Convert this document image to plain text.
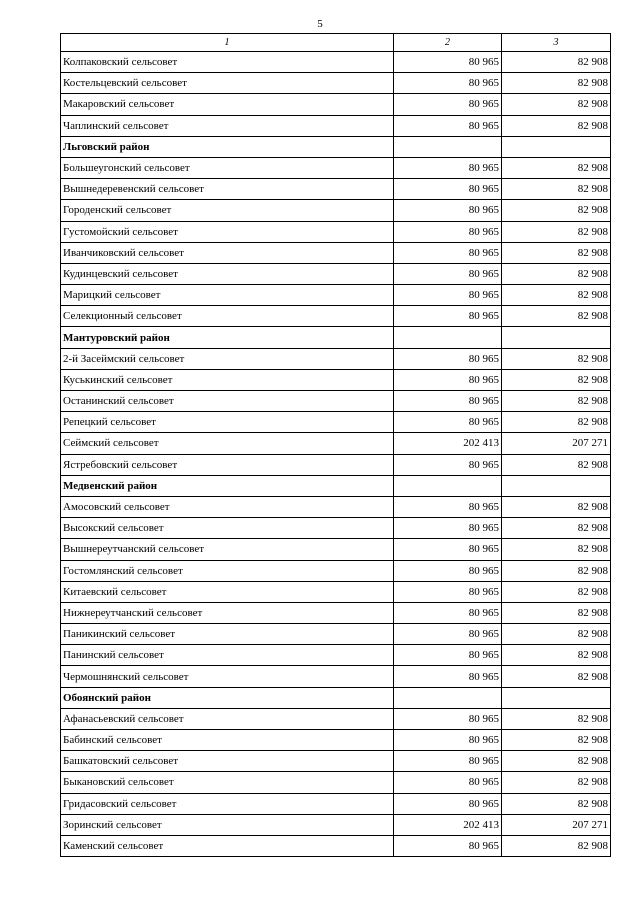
5
1	2	3
Колпаковский сельсовет	80 965	82 908
Костельцевский сельсовет	80 965	82 908
Макаровский сельсовет	80 965	82 908
Чаплинский сельсовет	80 965	82 908
Льговский район		
Большеугонский сельсовет	80 965	82 908
Вышнедеревенский сельсовет	80 965	82 908
Городенский сельсовет	80 965	82 908
Густомойский сельсовет	80 965	82 908
Иванчиковский сельсовет	80 965	82 908
Кудинцевский сельсовет	80 965	82 908
Марицкий сельсовет	80 965	82 908
Селекционный сельсовет	80 965	82 908
Мантуровский район		
2-й Засеймский сельсовет	80 965	82 908
Куськинский сельсовет	80 965	82 908
Останинский сельсовет	80 965	82 908
Репецкий сельсовет	80 965	82 908
Сеймский сельсовет	202 413	207 271
Ястребовский сельсовет	80 965	82 908
Медвенский район		
Амосовский сельсовет	80 965	82 908
Высокский сельсовет	80 965	82 908
Вышнереутчанский сельсовет	80 965	82 908
Гостомлянский сельсовет	80 965	82 908
Китаевский сельсовет	80 965	82 908
Нижнереутчанский сельсовет	80 965	82 908
Паникинский сельсовет	80 965	82 908
Панинский сельсовет	80 965	82 908
Чермошнянский сельсовет	80 965	82 908
Обоянский район		
Афанасьевский сельсовет	80 965	82 908
Бабинский сельсовет	80 965	82 908
Башкатовский сельсовет	80 965	82 908
Быкановский сельсовет	80 965	82 908
Гридасовский сельсовет	80 965	82 908
Зоринский сельсовет	202 413	207 271
Каменский сельсовет	80 965	82 908
